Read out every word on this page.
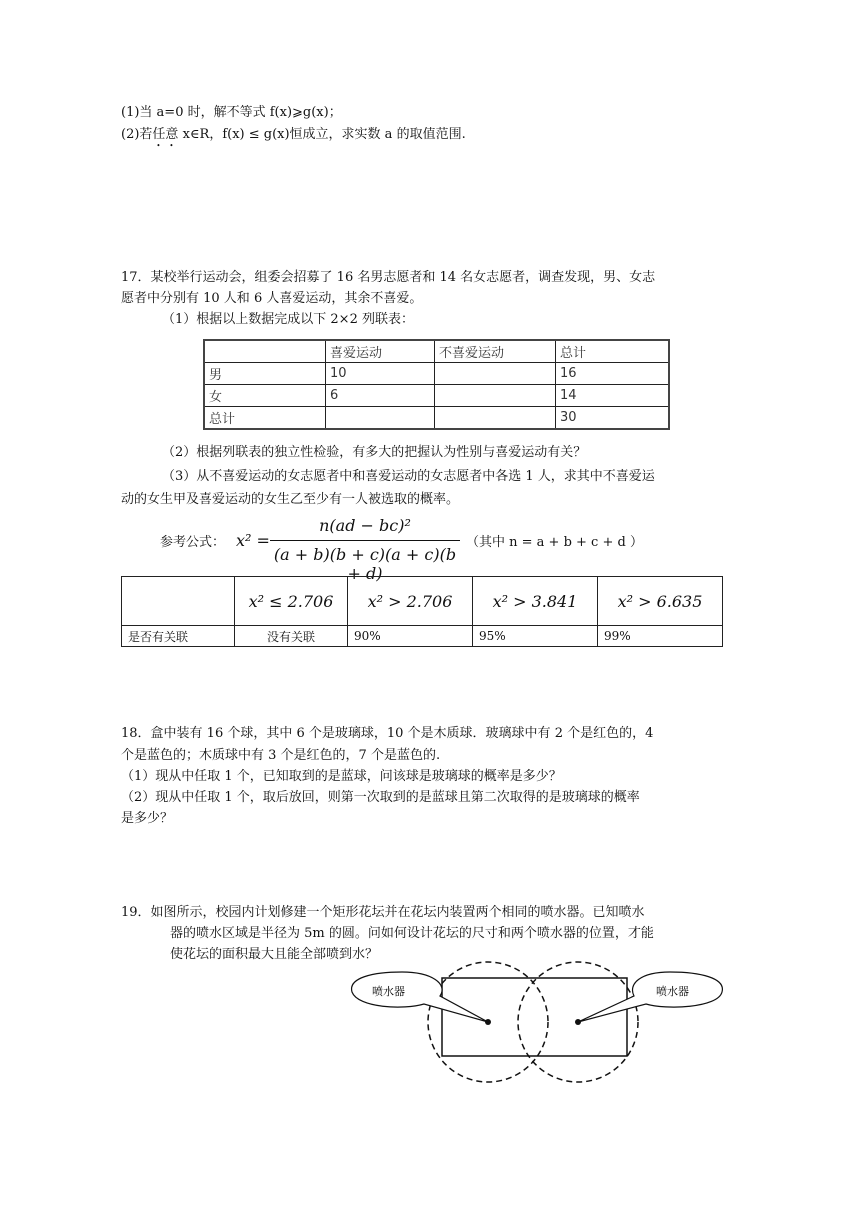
(1)当 a=0 时，解不等式 f(x)⩾g(x)；
(2)若任意 x∈R，f(x) ≤ g(x)恒成立，求实数 a 的取值范围.
17．某校举行运动会，组委会招募了 16 名男志愿者和 14 名女志愿者，调查发现，男、女志
愿者中分别有 10 人和 6 人喜爱运动，其余不喜爱。
（1）根据以上数据完成以下 2×2 列联表：
	喜爱运动	不喜爱运动	总计
男	10		16
女	6		14
总计			30
（2）根据列联表的独立性检验，有多大的把握认为性别与喜爱运动有关？
（3）从不喜爱运动的女志愿者中和喜爱运动的女志愿者中各选 1 人，求其中不喜爱运
动的女生甲及喜爱运动的女生乙至少有一人被选取的概率。
参考公式： x² =
n(ad − bc)²
(a + b)(b + c)(a + c)(b + d)
（其中 n = a + b + c + d ）
	x² ≤ 2.706	x² > 2.706	x² > 3.841	x² > 6.635
是否有关联	没有关联	90%	95%	99%
18．盒中装有 16 个球，其中 6 个是玻璃球，10 个是木质球．玻璃球中有 2 个是红色的，4
个是蓝色的；木质球中有 3 个是红色的，7 个是蓝色的.
（1）现从中任取 1 个，已知取到的是蓝球，问该球是玻璃球的概率是多少？
（2）现从中任取 1 个，取后放回，则第一次取到的是蓝球且第二次取得的是玻璃球的概率
是多少？
19．如图所示，校园内计划修建一个矩形花坛并在花坛内装置两个相同的喷水器。已知喷水
器的喷水区域是半径为 5m 的圆。问如何设计花坛的尺寸和两个喷水器的位置，才能
使花坛的面积最大且能全部喷到水？
喷水器	喷水器
